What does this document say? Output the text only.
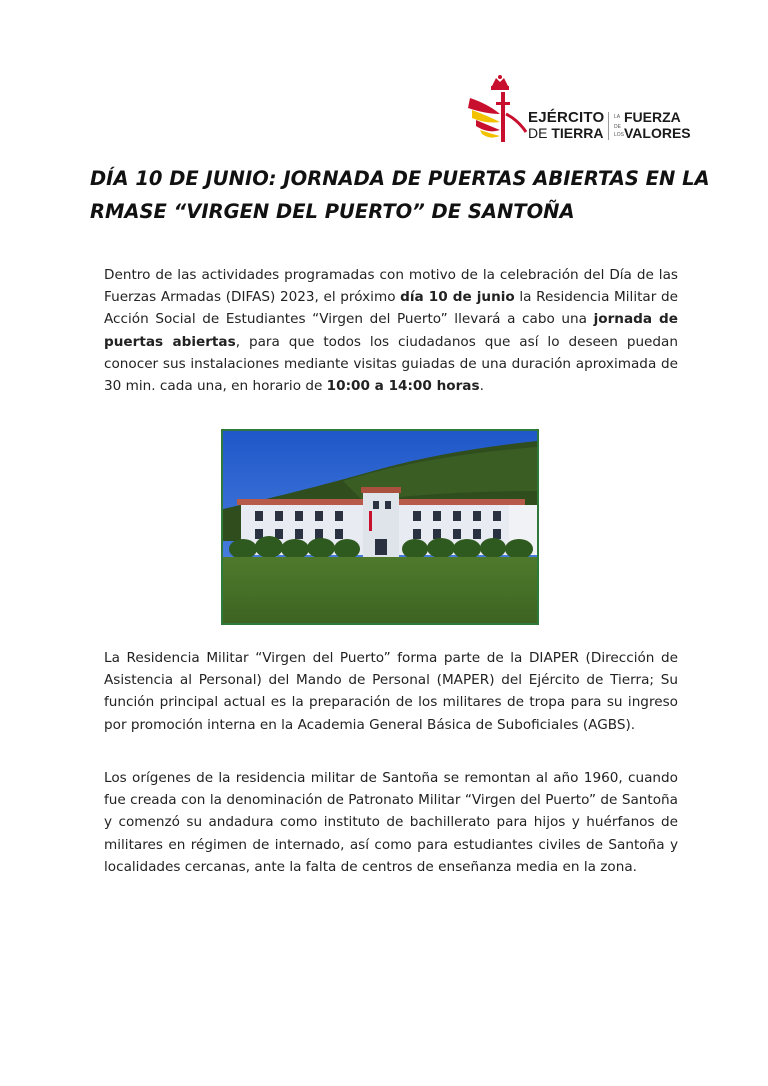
EJÉRCITO
DE TIERRA
LA
DE
LOS
FUERZA
VALORES
DÍA 10 DE JUNIO: JORNADA DE PUERTAS ABIERTAS EN LA RMASE “VIRGEN DEL PUERTO” DE SANTOÑA

Dentro de las actividades programadas con motivo de la celebración del Día de las Fuerzas Armadas (DIFAS) 2023, el próximo día 10 de junio la Residencia Militar de Acción Social de Estudiantes “Virgen del Puerto” llevará a cabo una jornada de puertas abiertas, para que todos los ciudadanos que así lo deseen puedan conocer sus instalaciones mediante visitas guiadas de una duración aproximada de 30 min. cada una, en horario de 10:00 a 14:00 horas.

La Residencia Militar “Virgen del Puerto” forma parte de la DIAPER (Dirección de Asistencia al Personal) del Mando de Personal (MAPER) del Ejército de Tierra; Su función principal actual es la preparación de los militares de tropa para su ingreso por promoción interna en la Academia General Básica de Suboficiales (AGBS).

Los orígenes de la residencia militar de Santoña se remontan al año 1960, cuando fue creada con la denominación de Patronato Militar “Virgen del Puerto” de Santoña y comenzó su andadura como instituto de bachillerato para hijos y huérfanos de militares en régimen de internado, así como para estudiantes civiles de Santoña y localidades cercanas, ante la falta de centros de enseñanza media en la zona.
